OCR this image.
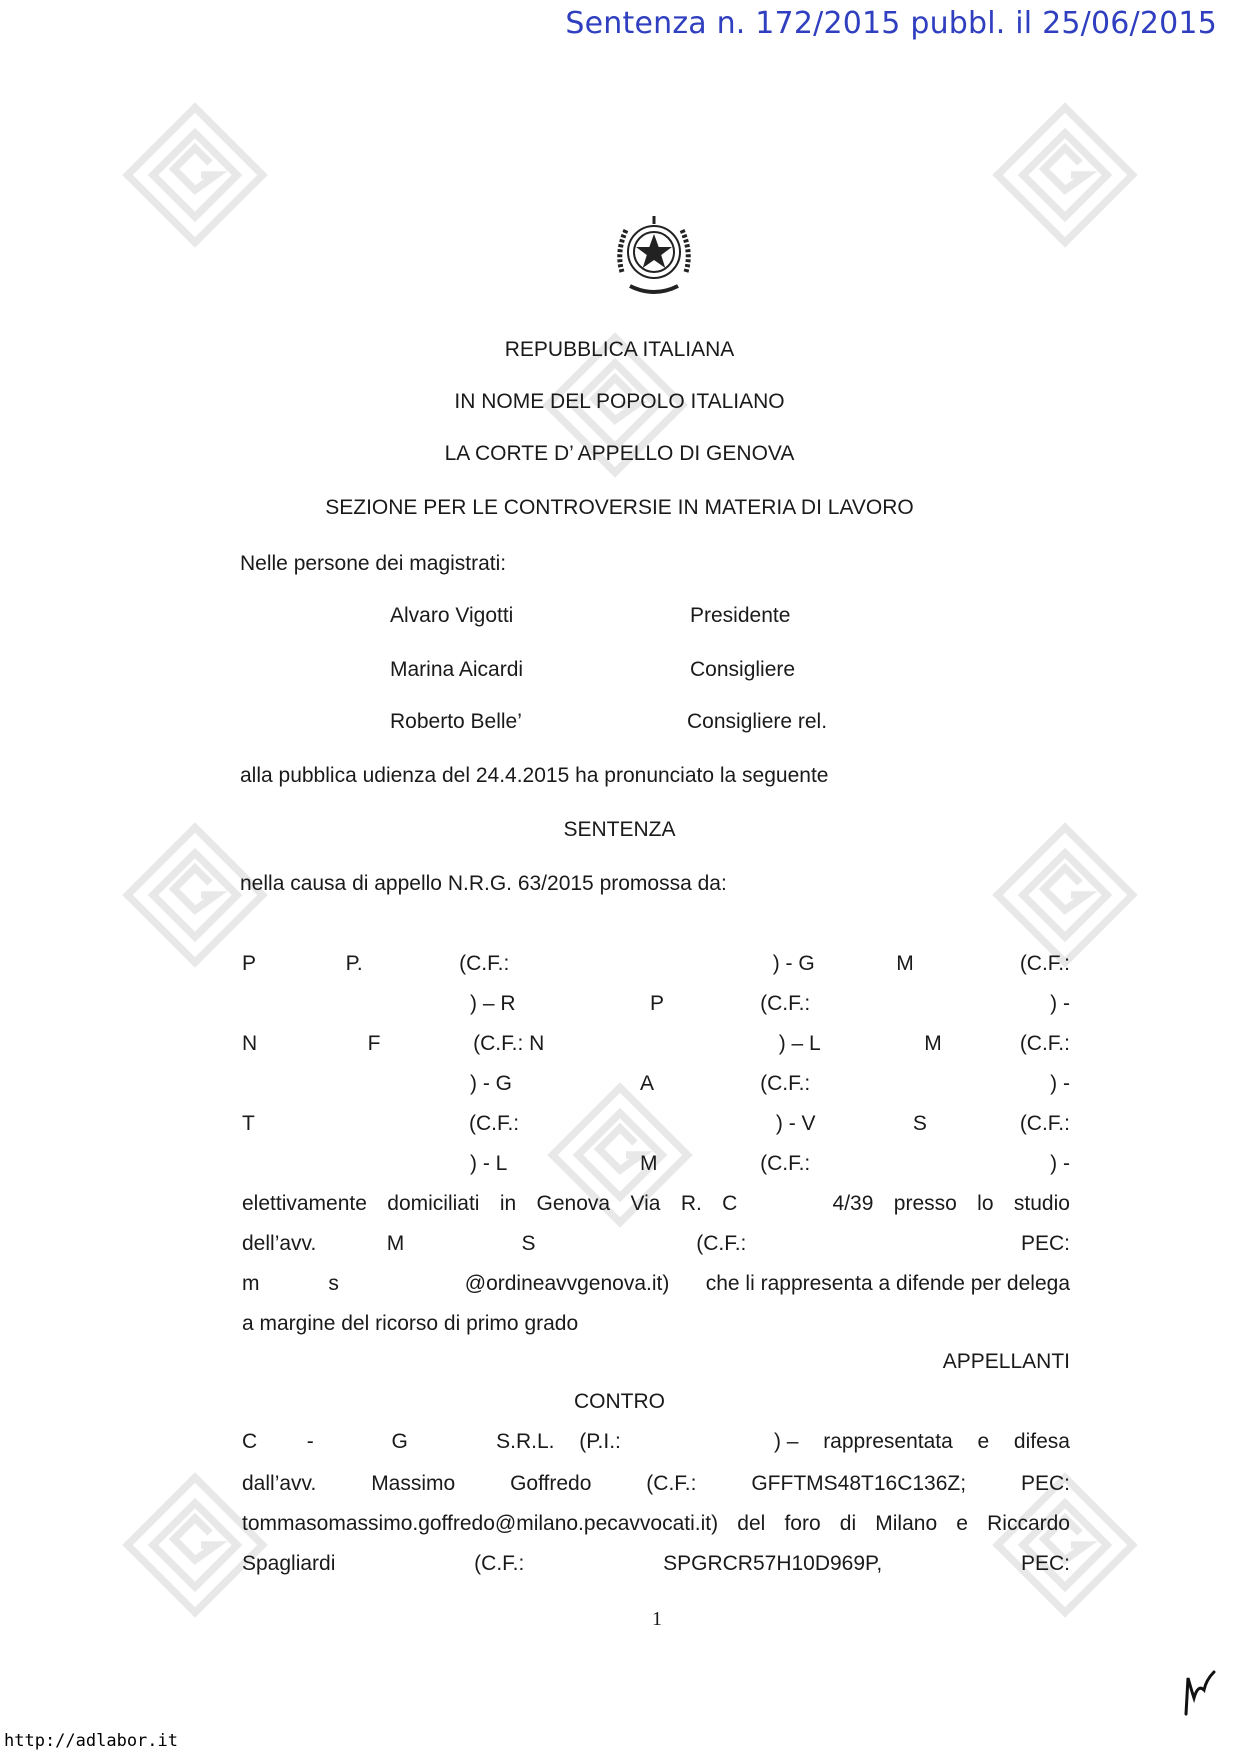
Sentenza n. 172/2015 pubbl. il 25/06/2015
REPUBBLICA ITALIANA
IN NOME DEL POPOLO ITALIANO
LA CORTE D’ APPELLO DI GENOVA
SEZIONE PER LE CONTROVERSIE IN MATERIA DI LAVORO
Nelle persone dei magistrati:
Alvaro Vigotti	Presidente
Marina Aicardi	Consigliere
Roberto Belle’	Consigliere rel.
alla pubblica udienza del 24.4.2015 ha pronunciato la seguente
SENTENZA
nella causa di appello N.R.G. 63/2015 promossa da:
P	P.	(C.F.:	) - G	M	(C.F.:
) – R	P	(C.F.:	) -
N	F	(C.F.: N	) – L	M	(C.F.:
) - G	A	(C.F.:	) -
T	(C.F.:	) - V	S	(C.F.:
) - L	M	(C.F.:	) -
elettivamente domiciliati in Genova Via R. C	4/39 presso lo studio
dell’avv.	M	S	(C.F.:	PEC:
m	s	@ordineavvgenova.it) che li rappresenta a difende per delega
a margine del ricorso di primo grado
APPELLANTI
CONTRO
C	-	G	S.R.L. (P.I.:	) – rappresentata e difesa
dall’avv.	Massimo	Goffredo	(C.F.:	GFFTMS48T16C136Z;	PEC:
tommasomassimo.goffredo@milano.pecavvocati.it) del foro di Milano e Riccardo
Spagliardi	(C.F.:	SPGRCR57H10D969P,	PEC:
1
http://adlabor.it
